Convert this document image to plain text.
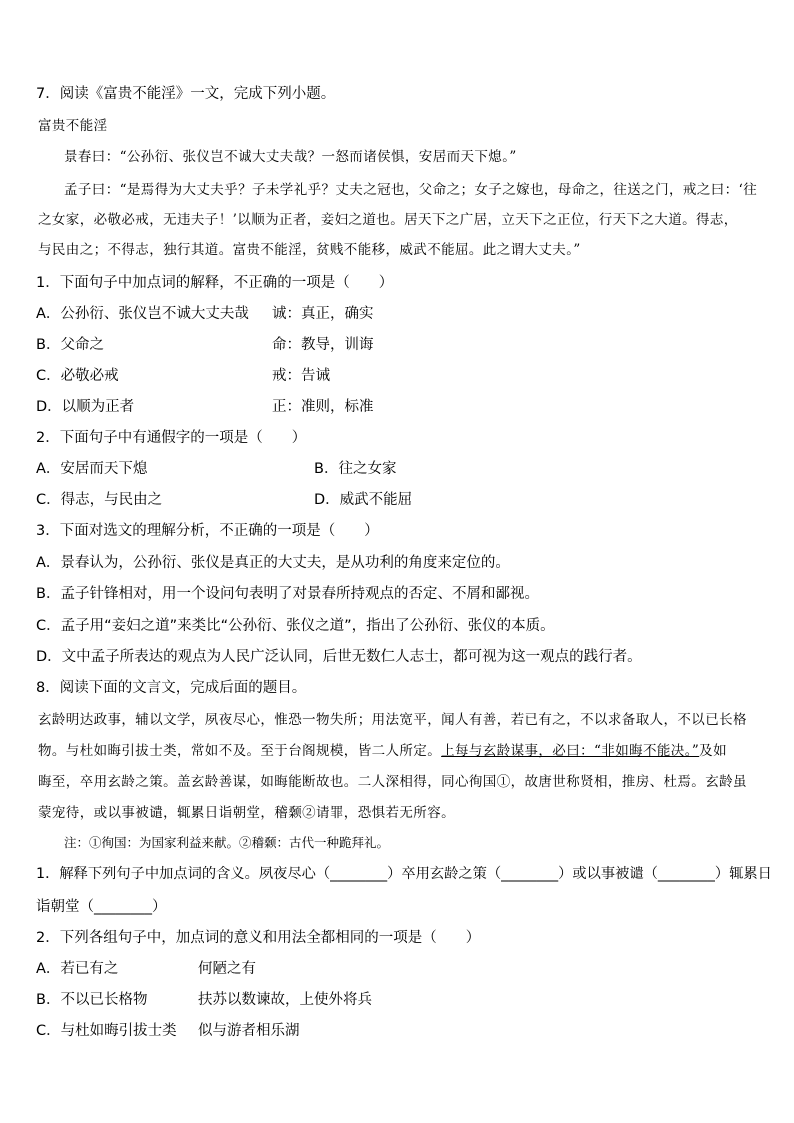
7．阅读《富贵不能淫》一文，完成下列小题。
富贵不能淫
景春曰：“公孙衍、张仪岂不诚大丈夫哉？一怒而诸侯惧，安居而天下熄。”
孟子曰：“是焉得为大丈夫乎？子未学礼乎？丈夫之冠也，父命之；女子之嫁也，母命之，往送之门，戒之曰：‘往
之女家，必敬必戒，无违夫子！’以顺为正者，妾妇之道也。居天下之广居，立天下之正位，行天下之大道。得志，
与民由之；不得志，独行其道。富贵不能淫，贫贱不能移，威武不能屈。此之谓大丈夫。”
1．下面句子中加点词的解释，不正确的一项是（　　）
A．公孙衍、张仪岂不诚大丈夫哉 诚：真正，确实
B．父命之	命：教导，训诲
C．必敬必戒	戒：告诫
D．以顺为正者	正：准则，标准
2．下面句子中有通假字的一项是（　　）
A．安居而天下熄	B．往之女家
C．得志，与民由之	D．威武不能屈
3．下面对选文的理解分析，不正确的一项是（　　）
A．景春认为，公孙衍、张仪是真正的大丈夫，是从功利的角度来定位的。
B．孟子针锋相对，用一个设问句表明了对景春所持观点的否定、不屑和鄙视。
C．孟子用“妾妇之道”来类比“公孙衍、张仪之道”，指出了公孙衍、张仪的本质。
D．文中孟子所表达的观点为人民广泛认同，后世无数仁人志士，都可视为这一观点的践行者。
8．阅读下面的文言文，完成后面的题目。
玄龄明达政事，辅以文学，夙夜尽心，惟恐一物失所；用法宽平，闻人有善，若已有之，不以求备取人，不以已长格
物。与杜如晦引拔士类，常如不及。至于台阁规模，皆二人所定。上每与玄龄谋事，必曰：“非如晦不能决。”及如
晦至，卒用玄龄之策。盖玄龄善谋，如晦能断故也。二人深相得，同心徇国①，故唐世称贤相，推房、杜焉。玄龄虽
蒙宠待，或以事被谴，辄累日诣朝堂，稽颡②请罪，恐惧若无所容。
注：①徇国：为国家利益来献。②稽颡：古代一种跪拜礼。
1．解释下列句子中加点词的含义。夙夜尽心（________）卒用玄龄之策（________）或以事被谴（________）辄累日
诣朝堂（________）
2．下列各组句子中，加点词的意义和用法全都相同的一项是（　　）
A．若已有之	何陋之有
B．不以已长格物	扶苏以数谏故，上使外将兵
C．与杜如晦引拔士类 似与游者相乐湖
